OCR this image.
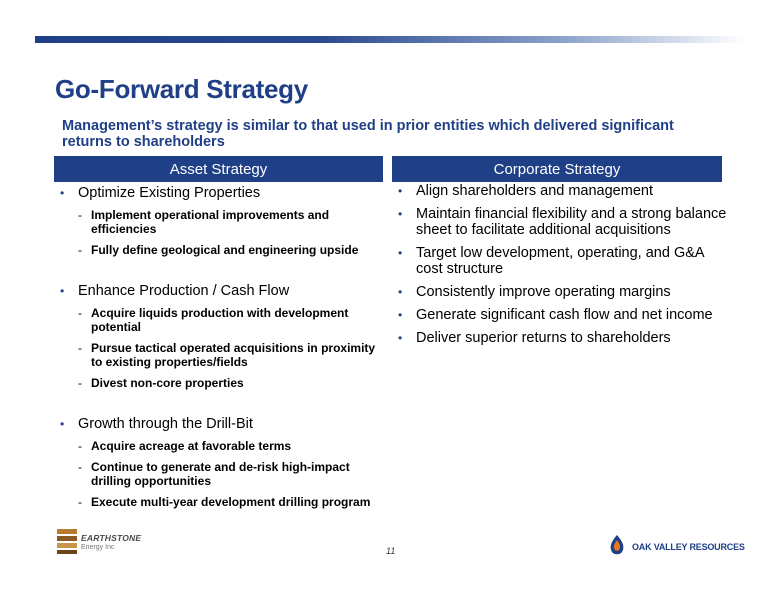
Go-Forward Strategy
Management’s strategy is similar to that used in prior entities which delivered significant returns to shareholders
Asset Strategy	Corporate Strategy
• Optimize Existing Properties
- Implement operational improvements and efficiencies
- Fully define geological and engineering upside
• Enhance Production / Cash Flow
- Acquire liquids production with development potential
- Pursue tactical operated acquisitions in proximity to existing properties/fields
- Divest non-core properties
• Growth through the Drill-Bit
- Acquire acreage at favorable terms
- Continue to generate and de-risk high-impact drilling opportunities
- Execute multi-year development drilling program
• Align shareholders and management
• Maintain financial flexibility and a strong balance sheet to facilitate additional acquisitions
• Target low development, operating, and G&A cost structure
• Consistently improve operating margins
• Generate significant cash flow and net income
• Deliver superior returns to shareholders
EARTHSTONE
Energy Inc	11	OAK VALLEY RESOURCES
